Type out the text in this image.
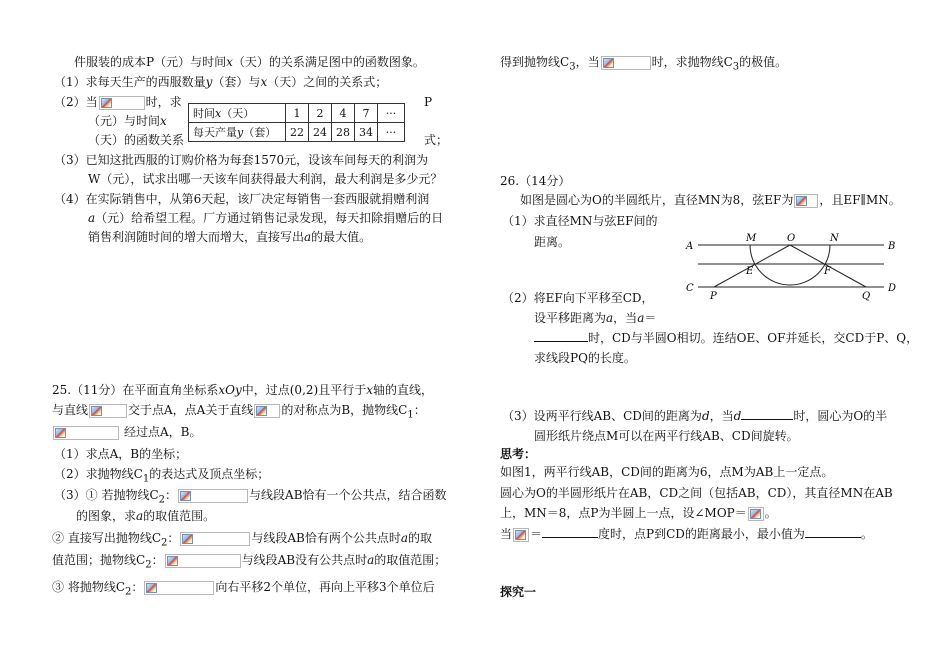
件服装的成本P（元）与时间x（天）的关系满足图中的函数图象。
（1）求每天生产的西服数量y（套）与x（天）之间的关系式；
（2）当	时，求	P
（元）与时间x
（天）的函数关系	式；
时间x（天）	1	2	4	7	···
每天产量y（套）	22	24	28	34	···
（3）已知这批西服的订购价格为每套1570元，设该车间每天的利润为
W（元），试求出哪一天该车间获得最大利润，最大利润是多少元？
（4）在实际销售中，从第6天起，该厂决定每销售一套西服就捐赠利润
a（元）给希望工程。厂方通过销售记录发现，每天扣除捐赠后的日
销售利润随时间的增大而增大，直接写出a的最大值。
25.（11分）在平面直角坐标系xOy中，过点(0,2)且平行于x轴的直线，
与直线	交于点A，点A关于直线 的对称点为B，抛物线$C_1$：
经过点A，B。
（1）求点A，B的坐标；
（2）求抛物线$C_1$的表达式及顶点坐标；
（3）① 若抛物线$C_2$：	与线段AB恰有一个公共点，结合函数
的图象，求a的取值范围。
② 直接写出抛物线$C_2$：	与线段AB恰有两个公共点时a的取
值范围；抛物线$C_2$：	与线段AB没有公共点时a的取值范围；
③ 将抛物线$C_2$：	向右平移2个单位，再向上平移3个单位后
得到抛物线$C_3$，当	时，求抛物线$C_3$的极值。
26.（14分）
如图是圆心为O的半圆纸片，直径MN为8，弦EF为 ，且EF∥MN。
（1）求直径MN与弦EF间的
距离。
（2）将EF向下平移至CD，
设平移距离为a，当a＝
时，CD与半圆O相切。连结OE、OF并延长，交CD于P、Q，
求线段PQ的长度。
（3）设两平行线AB、CD间的距离为d，当d	时，圆心为O的半
圆形纸片绕点M可以在两平行线AB、CD间旋转。
思考：
如图1，两平行线AB，CD间的距离为6，点M为AB上一定点。
圆心为O的半圆形纸片在AB，CD之间（包括AB，CD），其直径MN在AB
上，MN＝8，点P为半圆上一点，设∠MOP＝ 。
当 ＝	度时，点P到CD的距离最小，最小值为	。
探究一
A	B
C	D
M	O	N
E	F
P	Q
